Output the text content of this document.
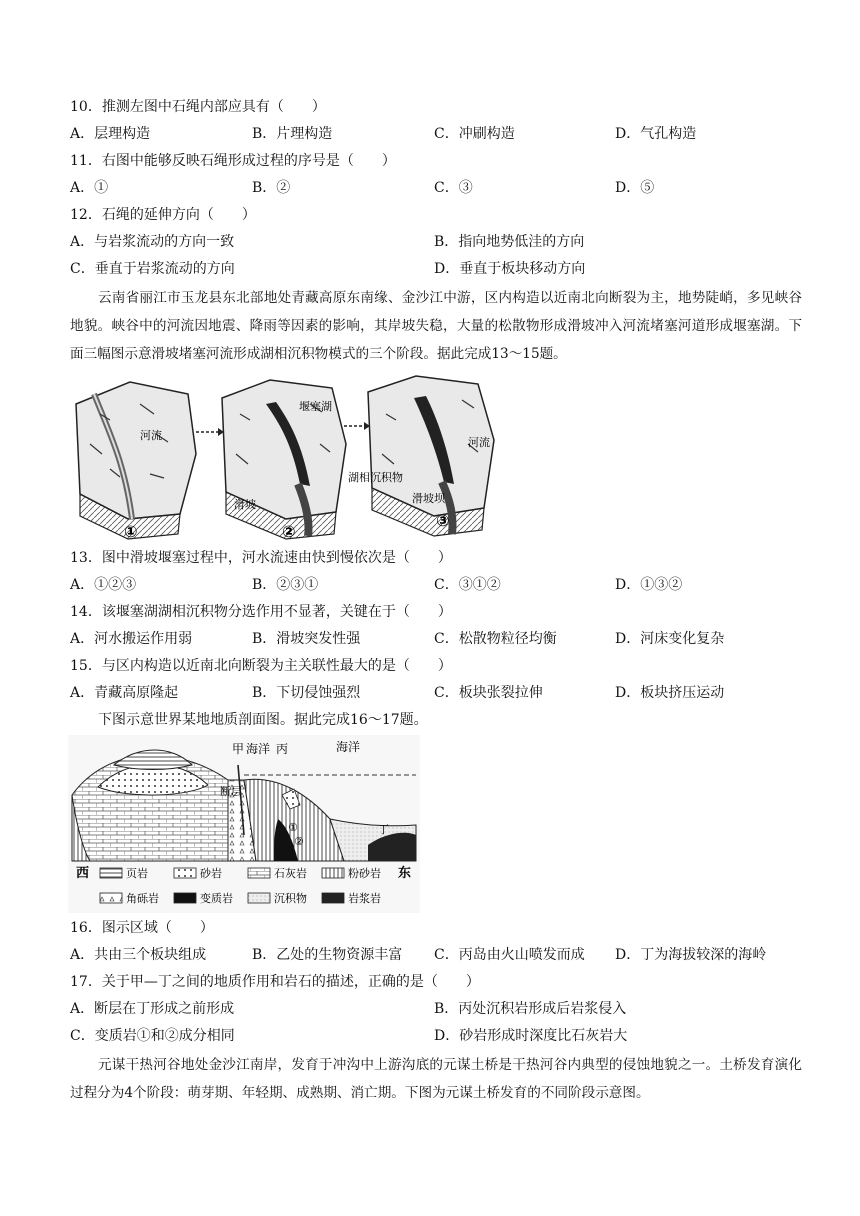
10．推测左图中石绳内部应具有（　　）
A．层理构造	B．片理构造	C．冲刷构造	D．气孔构造
11．右图中能够反映石绳形成过程的序号是（　　）
A．①	B．②	C．③	D．⑤
12．石绳的延伸方向（　　）
A．与岩浆流动的方向一致	B．指向地势低洼的方向
C．垂直于岩浆流动的方向	D．垂直于板块移动方向
云南省丽江市玉龙县东北部地处青藏高原东南缘、金沙江中游，区内构造以近南北向断裂为主，地势陡峭，多见峡谷地貌。峡谷中的河流因地震、降雨等因素的影响，其岸坡失稳，大量的松散物形成滑坡冲入河流堵塞河道形成堰塞湖。下面三幅图示意滑坡堵塞河流形成湖相沉积物模式的三个阶段。据此完成13～15题。
河流
①
堰塞湖
滑坡
②
河流
湖相沉积物
滑坡坝
③
13．图中滑坡堰塞过程中，河水流速由快到慢依次是（　　）
A．①②③	B．②③①	C．③①②	D．①③②
14．该堰塞湖湖相沉积物分选作用不显著，关键在于（　　）
A．河水搬运作用弱	B．滑坡突发性强	C．松散物粒径均衡	D．河床变化复杂
15．与区内构造以近南北向断裂为主关联性最大的是（　　）
A．青藏高原隆起	B．下切侵蚀强烈	C．板块张裂拉伸	D．板块挤压运动
下图示意世界某地地质剖面图。据此完成16～17题。
甲 海洋 丙	海洋
断层
①
②
丁
西	东
页岩	砂岩	石灰岩	粉砂岩
角砾岩	变质岩	沉积物	岩浆岩
16．图示区域（　　）
A．共由三个板块组成	B．乙处的生物资源丰富 C．丙岛由火山喷发而成 D．丁为海拔较深的海岭
17．关于甲—丁之间的地质作用和岩石的描述，正确的是（　　）
A．断层在丁形成之前形成	B．丙处沉积岩形成后岩浆侵入
C．变质岩①和②成分相同	D．砂岩形成时深度比石灰岩大
元谋干热河谷地处金沙江南岸，发育于冲沟中上游沟底的元谋土桥是干热河谷内典型的侵蚀地貌之一。土桥发育演化过程分为4个阶段：萌芽期、年轻期、成熟期、消亡期。下图为元谋土桥发育的不同阶段示意图。
